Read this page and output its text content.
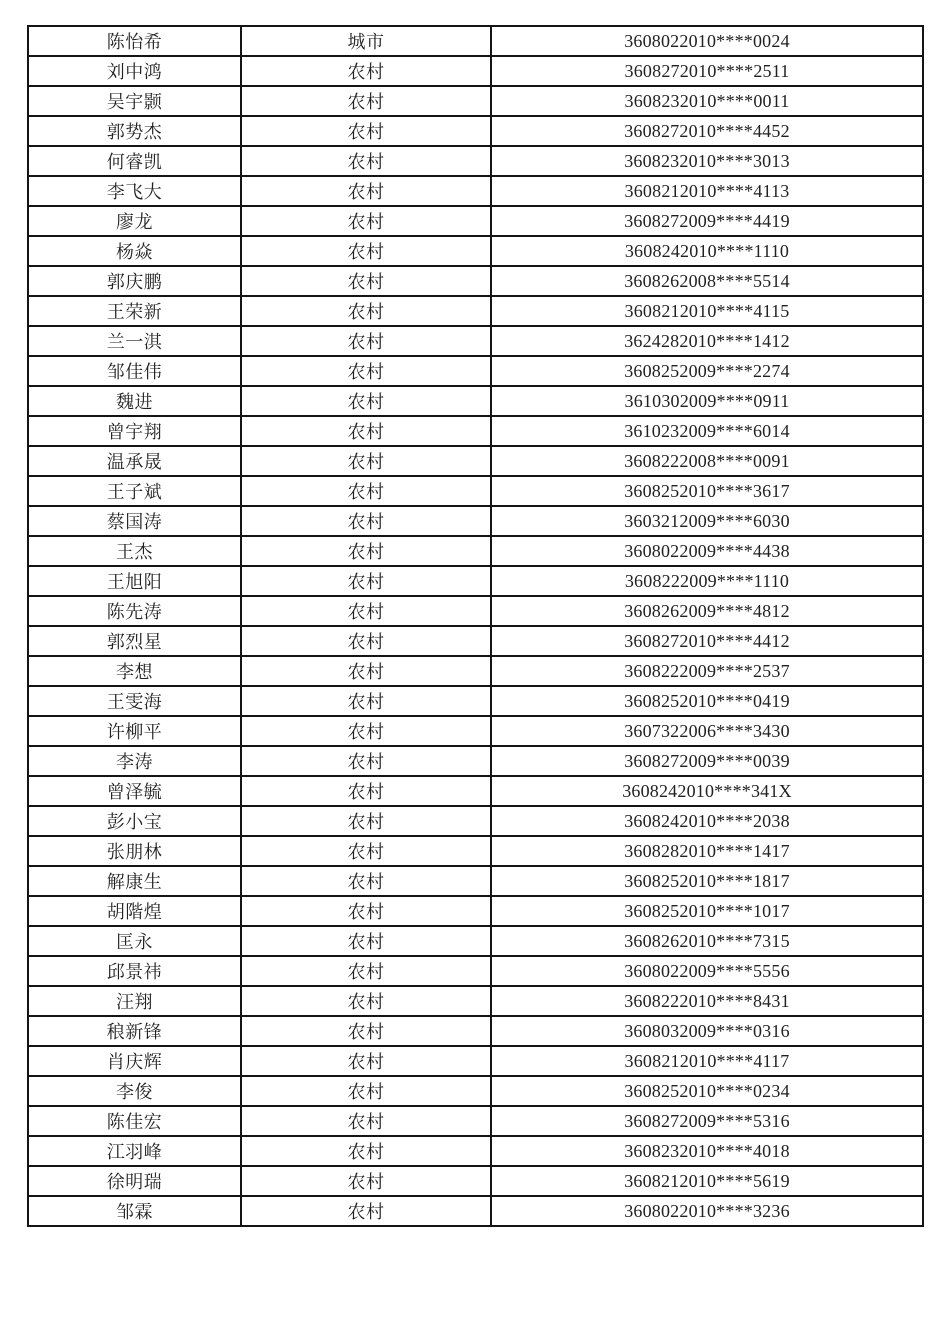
陈怡希	城市	3608022010****0024
刘中鸿	农村	3608272010****2511
吴宇颢	农村	3608232010****0011
郭势杰	农村	3608272010****4452
何睿凯	农村	3608232010****3013
李飞大	农村	3608212010****4113
廖龙	农村	3608272009****4419
杨焱	农村	3608242010****1110
郭庆鹏	农村	3608262008****5514
王荣新	农村	3608212010****4115
兰一淇	农村	3624282010****1412
邹佳伟	农村	3608252009****2274
魏进	农村	3610302009****0911
曾宇翔	农村	3610232009****6014
温承晟	农村	3608222008****0091
王子斌	农村	3608252010****3617
蔡国涛	农村	3603212009****6030
王杰	农村	3608022009****4438
王旭阳	农村	3608222009****1110
陈先涛	农村	3608262009****4812
郭烈星	农村	3608272010****4412
李想	农村	3608222009****2537
王雯海	农村	3608252010****0419
许柳平	农村	3607322006****3430
李涛	农村	3608272009****0039
曾泽毓	农村	3608242010****341X
彭小宝	农村	3608242010****2038
张朋林	农村	3608282010****1417
解康生	农村	3608252010****1817
胡階煌	农村	3608252010****1017
匡永	农村	3608262010****7315
邱景祎	农村	3608022009****5556
汪翔	农村	3608222010****8431
稂新锋	农村	3608032009****0316
肖庆辉	农村	3608212010****4117
李俊	农村	3608252010****0234
陈佳宏	农村	3608272009****5316
江羽峰	农村	3608232010****4018
徐明瑞	农村	3608212010****5619
邹霖	农村	3608022010****3236
